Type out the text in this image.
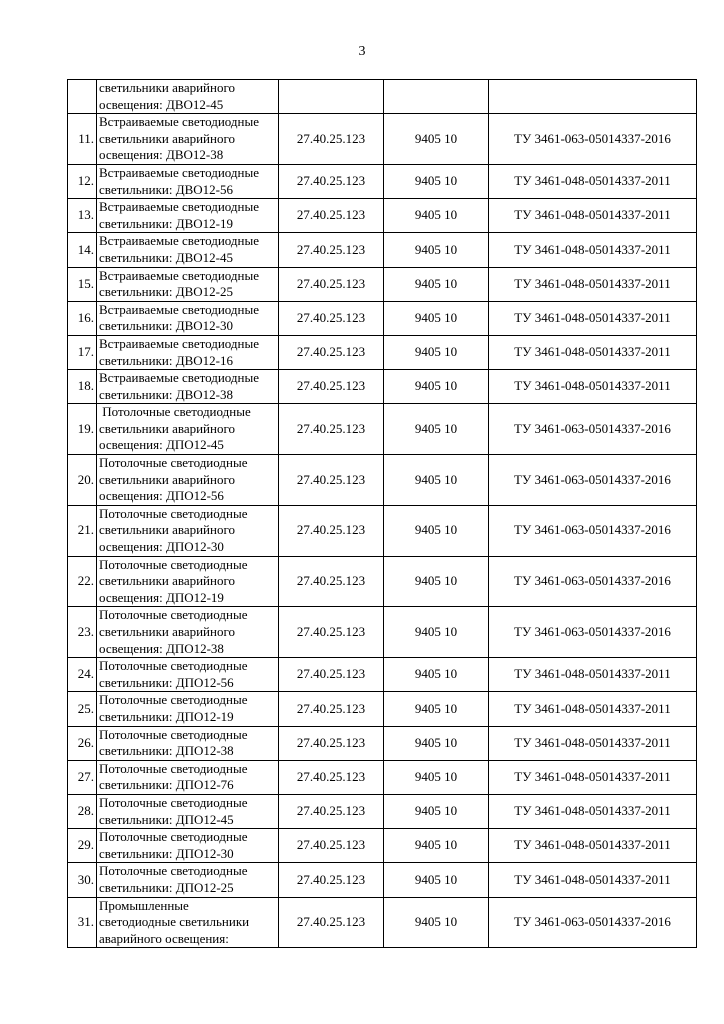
3

	светильники аварийного
освещения: ДВО12-45			

11.	Встраиваемые светодиодные
светильники аварийного
освещения: ДВО12-38	27.40.25.123	9405 10	ТУ 3461-063-05014337-2016
12.	Встраиваемые светодиодные
светильники: ДВО12-56	27.40.25.123	9405 10	ТУ 3461-048-05014337-2011
13.	Встраиваемые светодиодные
светильники: ДВО12-19	27.40.25.123	9405 10	ТУ 3461-048-05014337-2011
14.	Встраиваемые светодиодные
светильники: ДВО12-45	27.40.25.123	9405 10	ТУ 3461-048-05014337-2011
15.	Встраиваемые светодиодные
светильники: ДВО12-25	27.40.25.123	9405 10	ТУ 3461-048-05014337-2011
16.	Встраиваемые светодиодные
светильники: ДВО12-30	27.40.25.123	9405 10	ТУ 3461-048-05014337-2011
17.	Встраиваемые светодиодные
светильники: ДВО12-16	27.40.25.123	9405 10	ТУ 3461-048-05014337-2011
18.	Встраиваемые светодиодные
светильники: ДВО12-38	27.40.25.123	9405 10	ТУ 3461-048-05014337-2011
19.	Потолочные светодиодные
светильники аварийного
освещения: ДПО12-45	27.40.25.123	9405 10	ТУ 3461-063-05014337-2016
20.	Потолочные светодиодные
светильники аварийного
освещения: ДПО12-56	27.40.25.123	9405 10	ТУ 3461-063-05014337-2016
21.	Потолочные светодиодные
светильники аварийного
освещения: ДПО12-30	27.40.25.123	9405 10	ТУ 3461-063-05014337-2016
22.	Потолочные светодиодные
светильники аварийного
освещения: ДПО12-19	27.40.25.123	9405 10	ТУ 3461-063-05014337-2016
23.	Потолочные светодиодные
светильники аварийного
освещения: ДПО12-38	27.40.25.123	9405 10	ТУ 3461-063-05014337-2016
24.	Потолочные светодиодные
светильники: ДПО12-56	27.40.25.123	9405 10	ТУ 3461-048-05014337-2011
25.	Потолочные светодиодные
светильники: ДПО12-19	27.40.25.123	9405 10	ТУ 3461-048-05014337-2011
26.	Потолочные светодиодные
светильники: ДПО12-38	27.40.25.123	9405 10	ТУ 3461-048-05014337-2011
27.	Потолочные светодиодные
светильники: ДПО12-76	27.40.25.123	9405 10	ТУ 3461-048-05014337-2011
28.	Потолочные светодиодные
светильники: ДПО12-45	27.40.25.123	9405 10	ТУ 3461-048-05014337-2011
29.	Потолочные светодиодные
светильники: ДПО12-30	27.40.25.123	9405 10	ТУ 3461-048-05014337-2011
30.	Потолочные светодиодные
светильники: ДПО12-25	27.40.25.123	9405 10	ТУ 3461-048-05014337-2011
31.	Промышленные
светодиодные светильники
аварийного освещения:	27.40.25.123	9405 10	ТУ 3461-063-05014337-2016
